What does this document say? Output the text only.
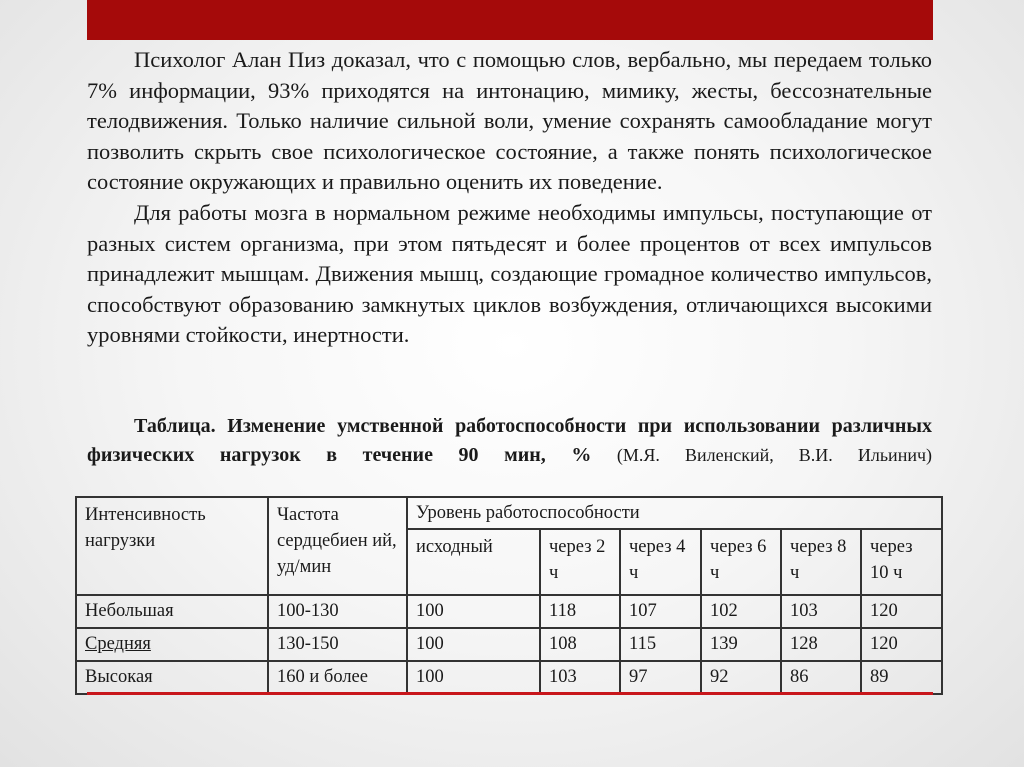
Психолог Алан Пиз доказал, что с помощью слов, вербально, мы передаем только 7% информации, 93% приходятся на интонацию, мимику, жесты, бессознательные телодвижения. Только наличие сильной воли, умение сохранять самообладание могут позволить скрыть свое психологическое состояние, а также понять психологическое состояние окружающих и правильно оценить их поведение.

Для работы мозга в нормальном режиме необходимы импульсы, поступающие от разных систем организма, при этом пятьдесят и более процентов от всех импульсов принадлежит мышцам. Движения мышц, создающие громадное количество импульсов, способствуют образованию замкнутых циклов возбуждения, отличающихся высокими уровнями стойкости, инертности.

Таблица. Изменение умственной работоспособности при использовании различных физических нагрузок в течение 90 мин, % (М.Я. Виленский, В.И. Ильинич)
Интенсивность нагрузки	Частота сердцебиен ий, уд/мин	Уровень работоспособности					
		исходный	через 2 ч	через 4 ч	через 6 ч	через 8 ч	через 10 ч
Небольшая	100-130	100	118	107	102	103	120
Средняя	130-150	100	108	115	139	128	120
Высокая	160 и более	100	103	97	92	86	89
